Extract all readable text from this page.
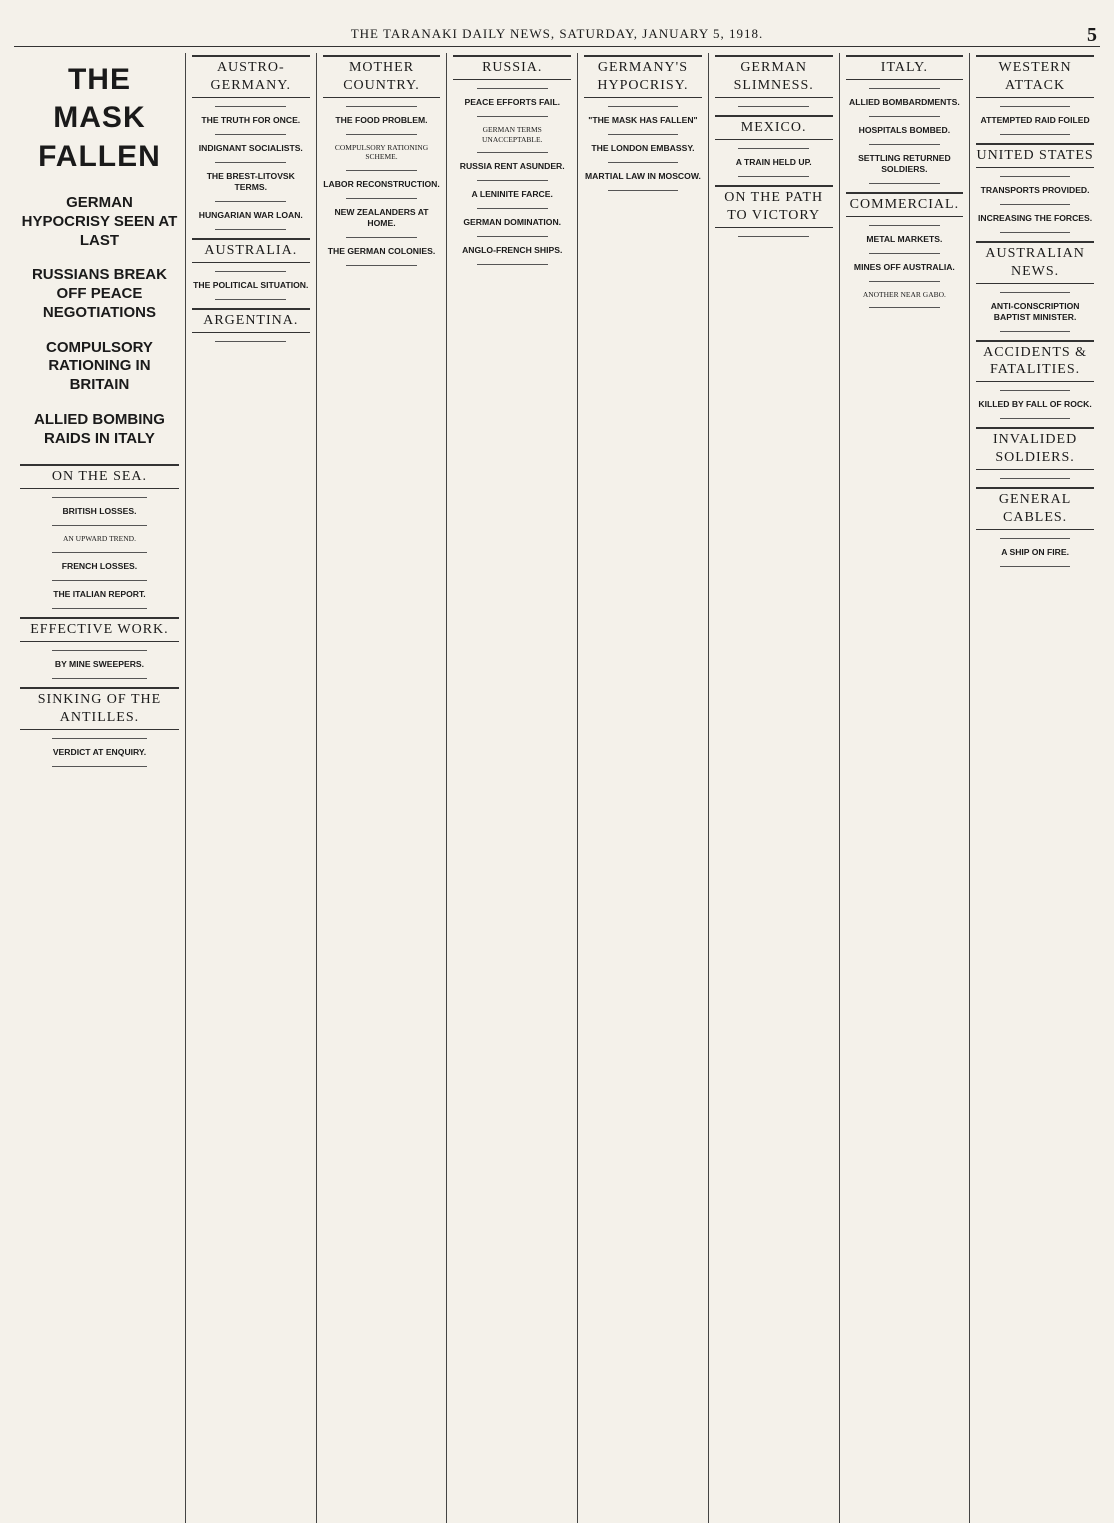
THE TARANAKI DAILY NEWS, SATURDAY, JANUARY 5, 1918.	5
THE MASK FALLEN
GERMAN HYPOCRISY SEEN AT LAST
RUSSIANS BREAK OFF PEACE NEGOTIATIONS
COMPULSORY RATIONING IN BRITAIN
ALLIED BOMBING RAIDS IN ITALY
ON THE SEA.
BRITISH LOSSES.
AN UPWARD TREND.
FRENCH LOSSES.
THE ITALIAN REPORT.
EFFECTIVE WORK.
BY MINE SWEEPERS.
SINKING OF THE ANTILLES.
VERDICT AT ENQUIRY.
AUSTRO-GERMANY.
THE TRUTH FOR ONCE.
INDIGNANT SOCIALISTS.
THE BREST-LITOVSK TERMS.
HUNGARIAN WAR LOAN.
AUSTRALIA.
THE POLITICAL SITUATION.
ARGENTINA.
MOTHER COUNTRY.
THE FOOD PROBLEM.
COMPULSORY RATIONING SCHEME.
LABOR RECONSTRUCTION.
NEW ZEALANDERS AT HOME.
THE GERMAN COLONIES.
RUSSIA.
PEACE EFFORTS FAIL.
GERMAN TERMS UNACCEPTABLE.
RUSSIA RENT ASUNDER.
A LENINITE FARCE.
GERMAN DOMINATION.
ANGLO-FRENCH SHIPS.
GERMANY'S HYPOCRISY.
"THE MASK HAS FALLEN"
THE LONDON EMBASSY.
MARTIAL LAW IN MOSCOW.
GERMAN SLIMNESS.
MEXICO.
A TRAIN HELD UP.
ON THE PATH TO VICTORY
ITALY.
ALLIED BOMBARDMENTS.
HOSPITALS BOMBED.
SETTLING RETURNED SOLDIERS.
COMMERCIAL.
METAL MARKETS.
MINES OFF AUSTRALIA.
ANOTHER NEAR GABO.
WESTERN ATTACK
ATTEMPTED RAID FOILED
UNITED STATES
TRANSPORTS PROVIDED.
INCREASING THE FORCES.
AUSTRALIAN NEWS.
ANTI-CONSCRIPTION BAPTIST MINISTER.
ACCIDENTS & FATALITIES.
KILLED BY FALL OF ROCK.
INVALIDED SOLDIERS.
GENERAL CABLES.
A SHIP ON FIRE.
